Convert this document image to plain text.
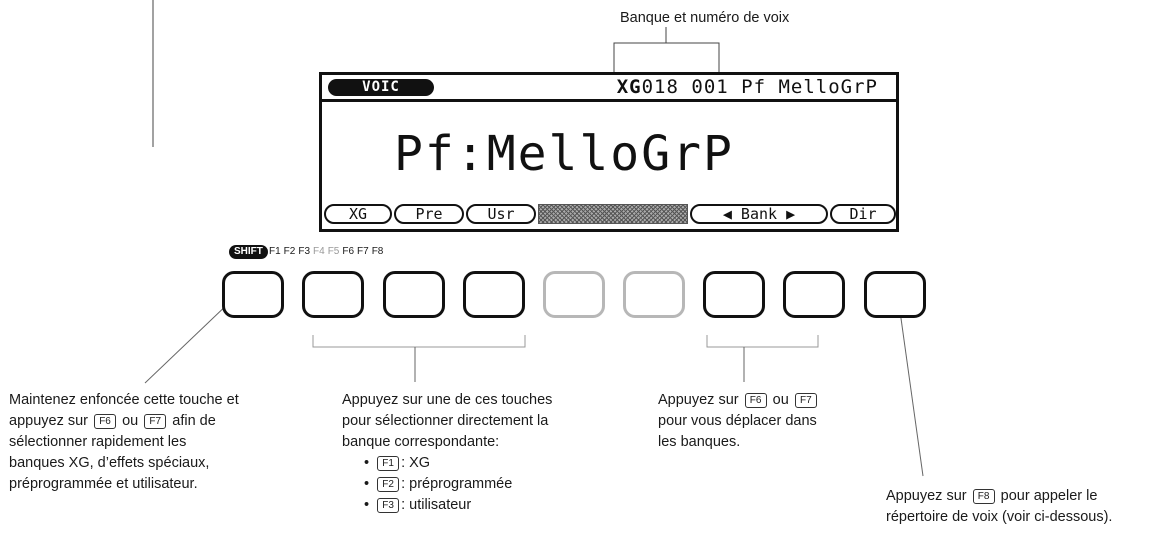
Banque et numéro de voix
VOIC	XG018 001 Pf MelloGrP
Pf:MelloGrP
XG	Pre	Usr	◀ Bank ▶	Dir
SHIFT F1 F2 F3 F4 F5 F6 F7 F8

Maintenez enfoncée cette touche et

appuyez sur F6 ou F7 afin de

sélectionner rapidement les

banques XG, d’effets spéciaux,

préprogrammée et utilisateur.

Appuyez sur une de ces touches

pour sélectionner directement la

banque correspondante:

• F1 : XG
• F2 : préprogrammée
• F3 : utilisateur

Appuyez sur F6 ou F7

pour vous déplacer dans

les banques.

Appuyez sur F8 pour appeler le

répertoire de voix (voir ci-dessous).
